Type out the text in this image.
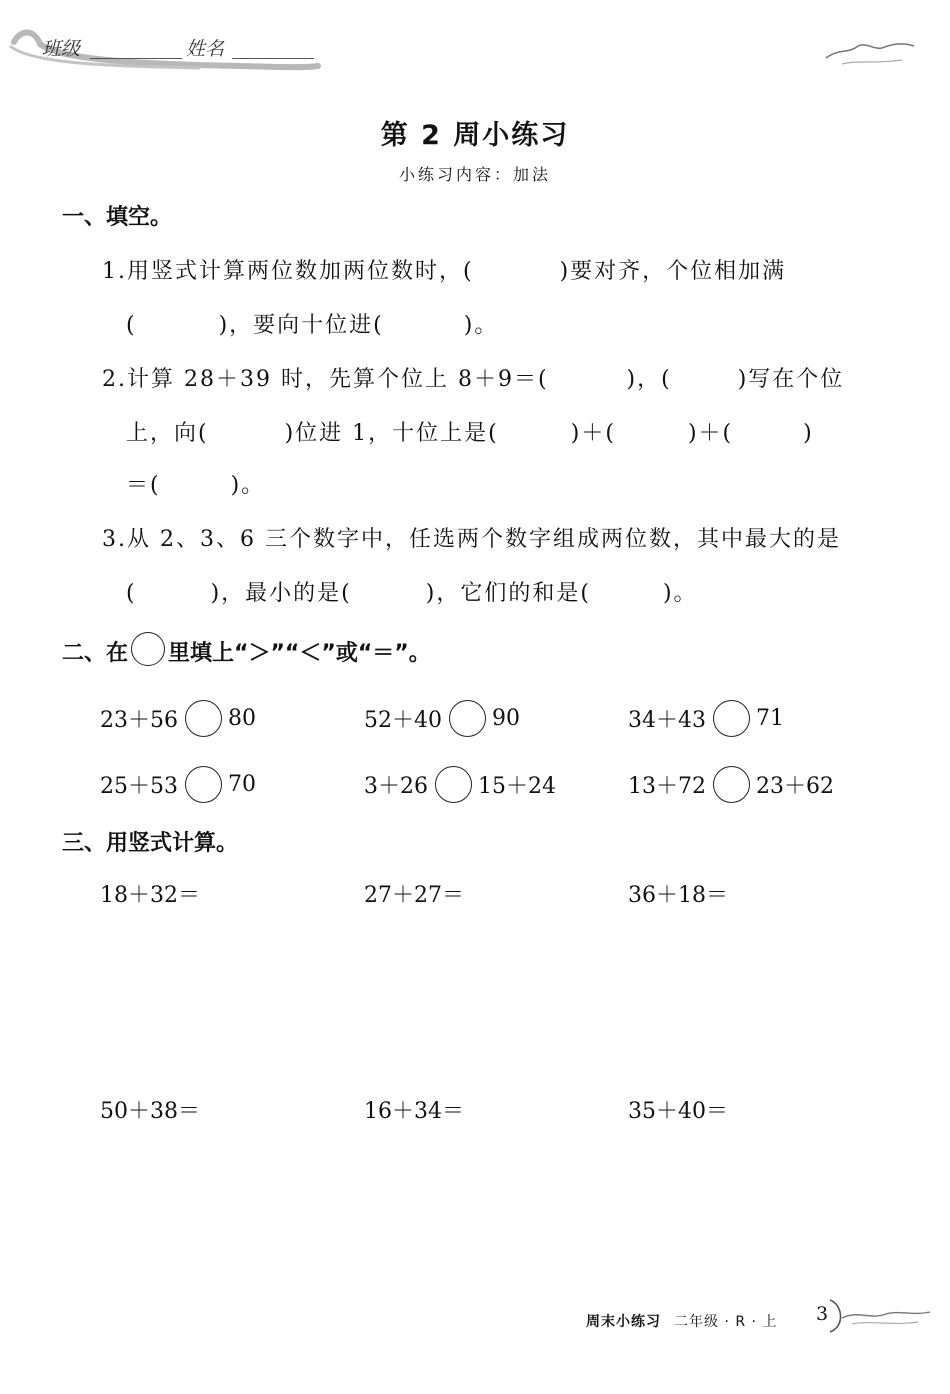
班级	姓名
第 2 周小练习
小练习内容：加法
一、填空。
1.用竖式计算两位数加两位数时，(	)要对齐，个位相加满
(	)，要向十位进(	)。
2.计算 28＋39 时，先算个位上 8＋9＝(	)，(	)写在个位
上，向(	)位进 1，十位上是(	)＋(	)＋(	)
＝(	)。
3.从 2、3、6 三个数字中，任选两个数字组成两位数，其中最大的是
(	)，最小的是(	)，它们的和是(	)。
二、在 里填上“＞”“＜”或“＝”。
23＋56 80	52＋40 90	34＋43 71
25＋53 70	3＋26 15＋24	13＋72 23＋62
三、用竖式计算。
18＋32＝	27＋27＝	36＋18＝
50＋38＝	16＋34＝	35＋40＝
周末小练习 二年级 · R · 上 3
